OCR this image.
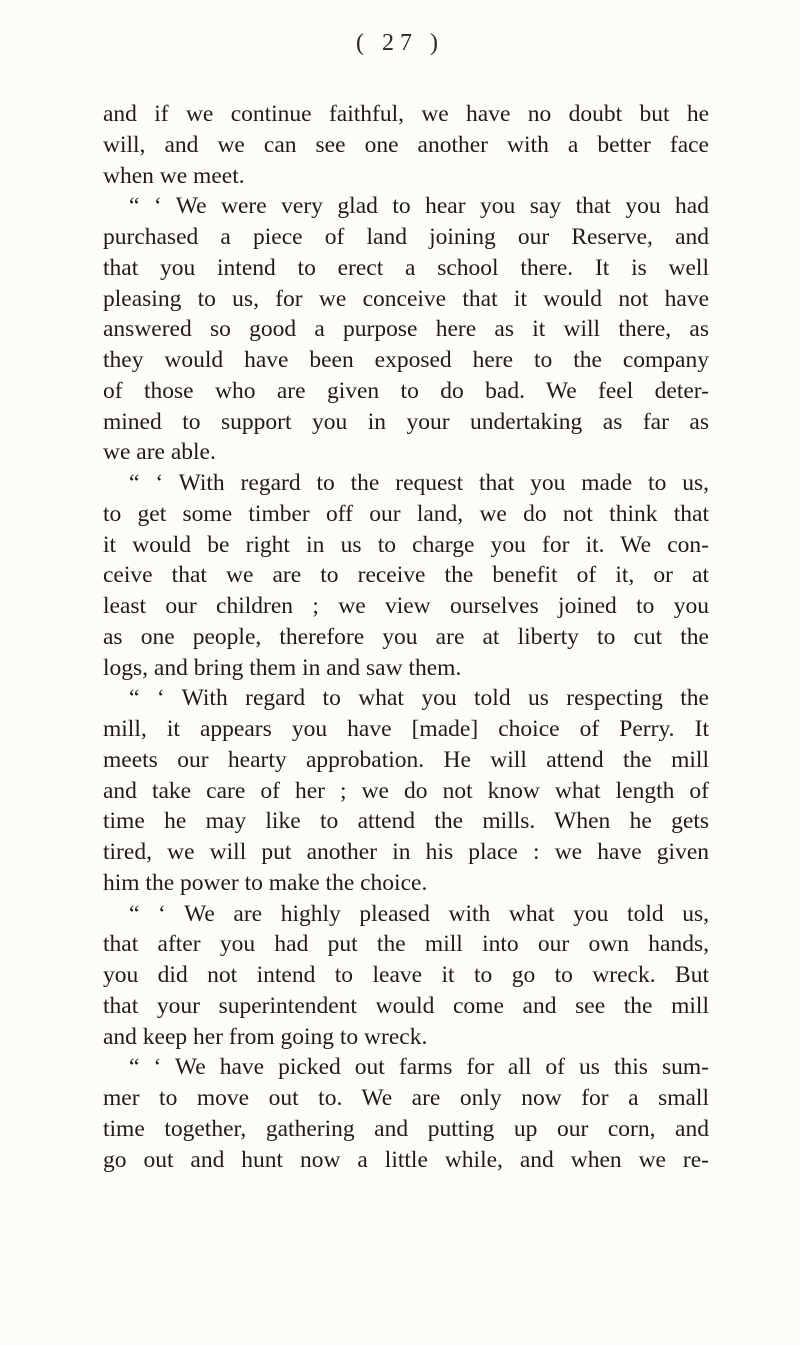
( 27 )
and if we continue faithful, we have no doubt but he
will, and we can see one another with a better face
when we meet.
“ ‘ We were very glad to hear you say that you had
purchased a piece of land joining our Reserve, and
that you intend to erect a school there. It is well
pleasing to us, for we conceive that it would not have
answered so good a purpose here as it will there, as
they would have been exposed here to the company
of those who are given to do bad. We feel deter-
mined to support you in your undertaking as far as
we are able.
“ ‘ With regard to the request that you made to us,
to get some timber off our land, we do not think that
it would be right in us to charge you for it. We con-
ceive that we are to receive the benefit of it, or at
least our children ; we view ourselves joined to you
as one people, therefore you are at liberty to cut the
logs, and bring them in and saw them.
“ ‘ With regard to what you told us respecting the
mill, it appears you have [made] choice of Perry. It
meets our hearty approbation. He will attend the mill
and take care of her ; we do not know what length of
time he may like to attend the mills. When he gets
tired, we will put another in his place : we have given
him the power to make the choice.
“ ‘ We are highly pleased with what you told us,
that after you had put the mill into our own hands,
you did not intend to leave it to go to wreck. But
that your superintendent would come and see the mill
and keep her from going to wreck.
“ ‘ We have picked out farms for all of us this sum-
mer to move out to. We are only now for a small
time together, gathering and putting up our corn, and
go out and hunt now a little while, and when we re-
